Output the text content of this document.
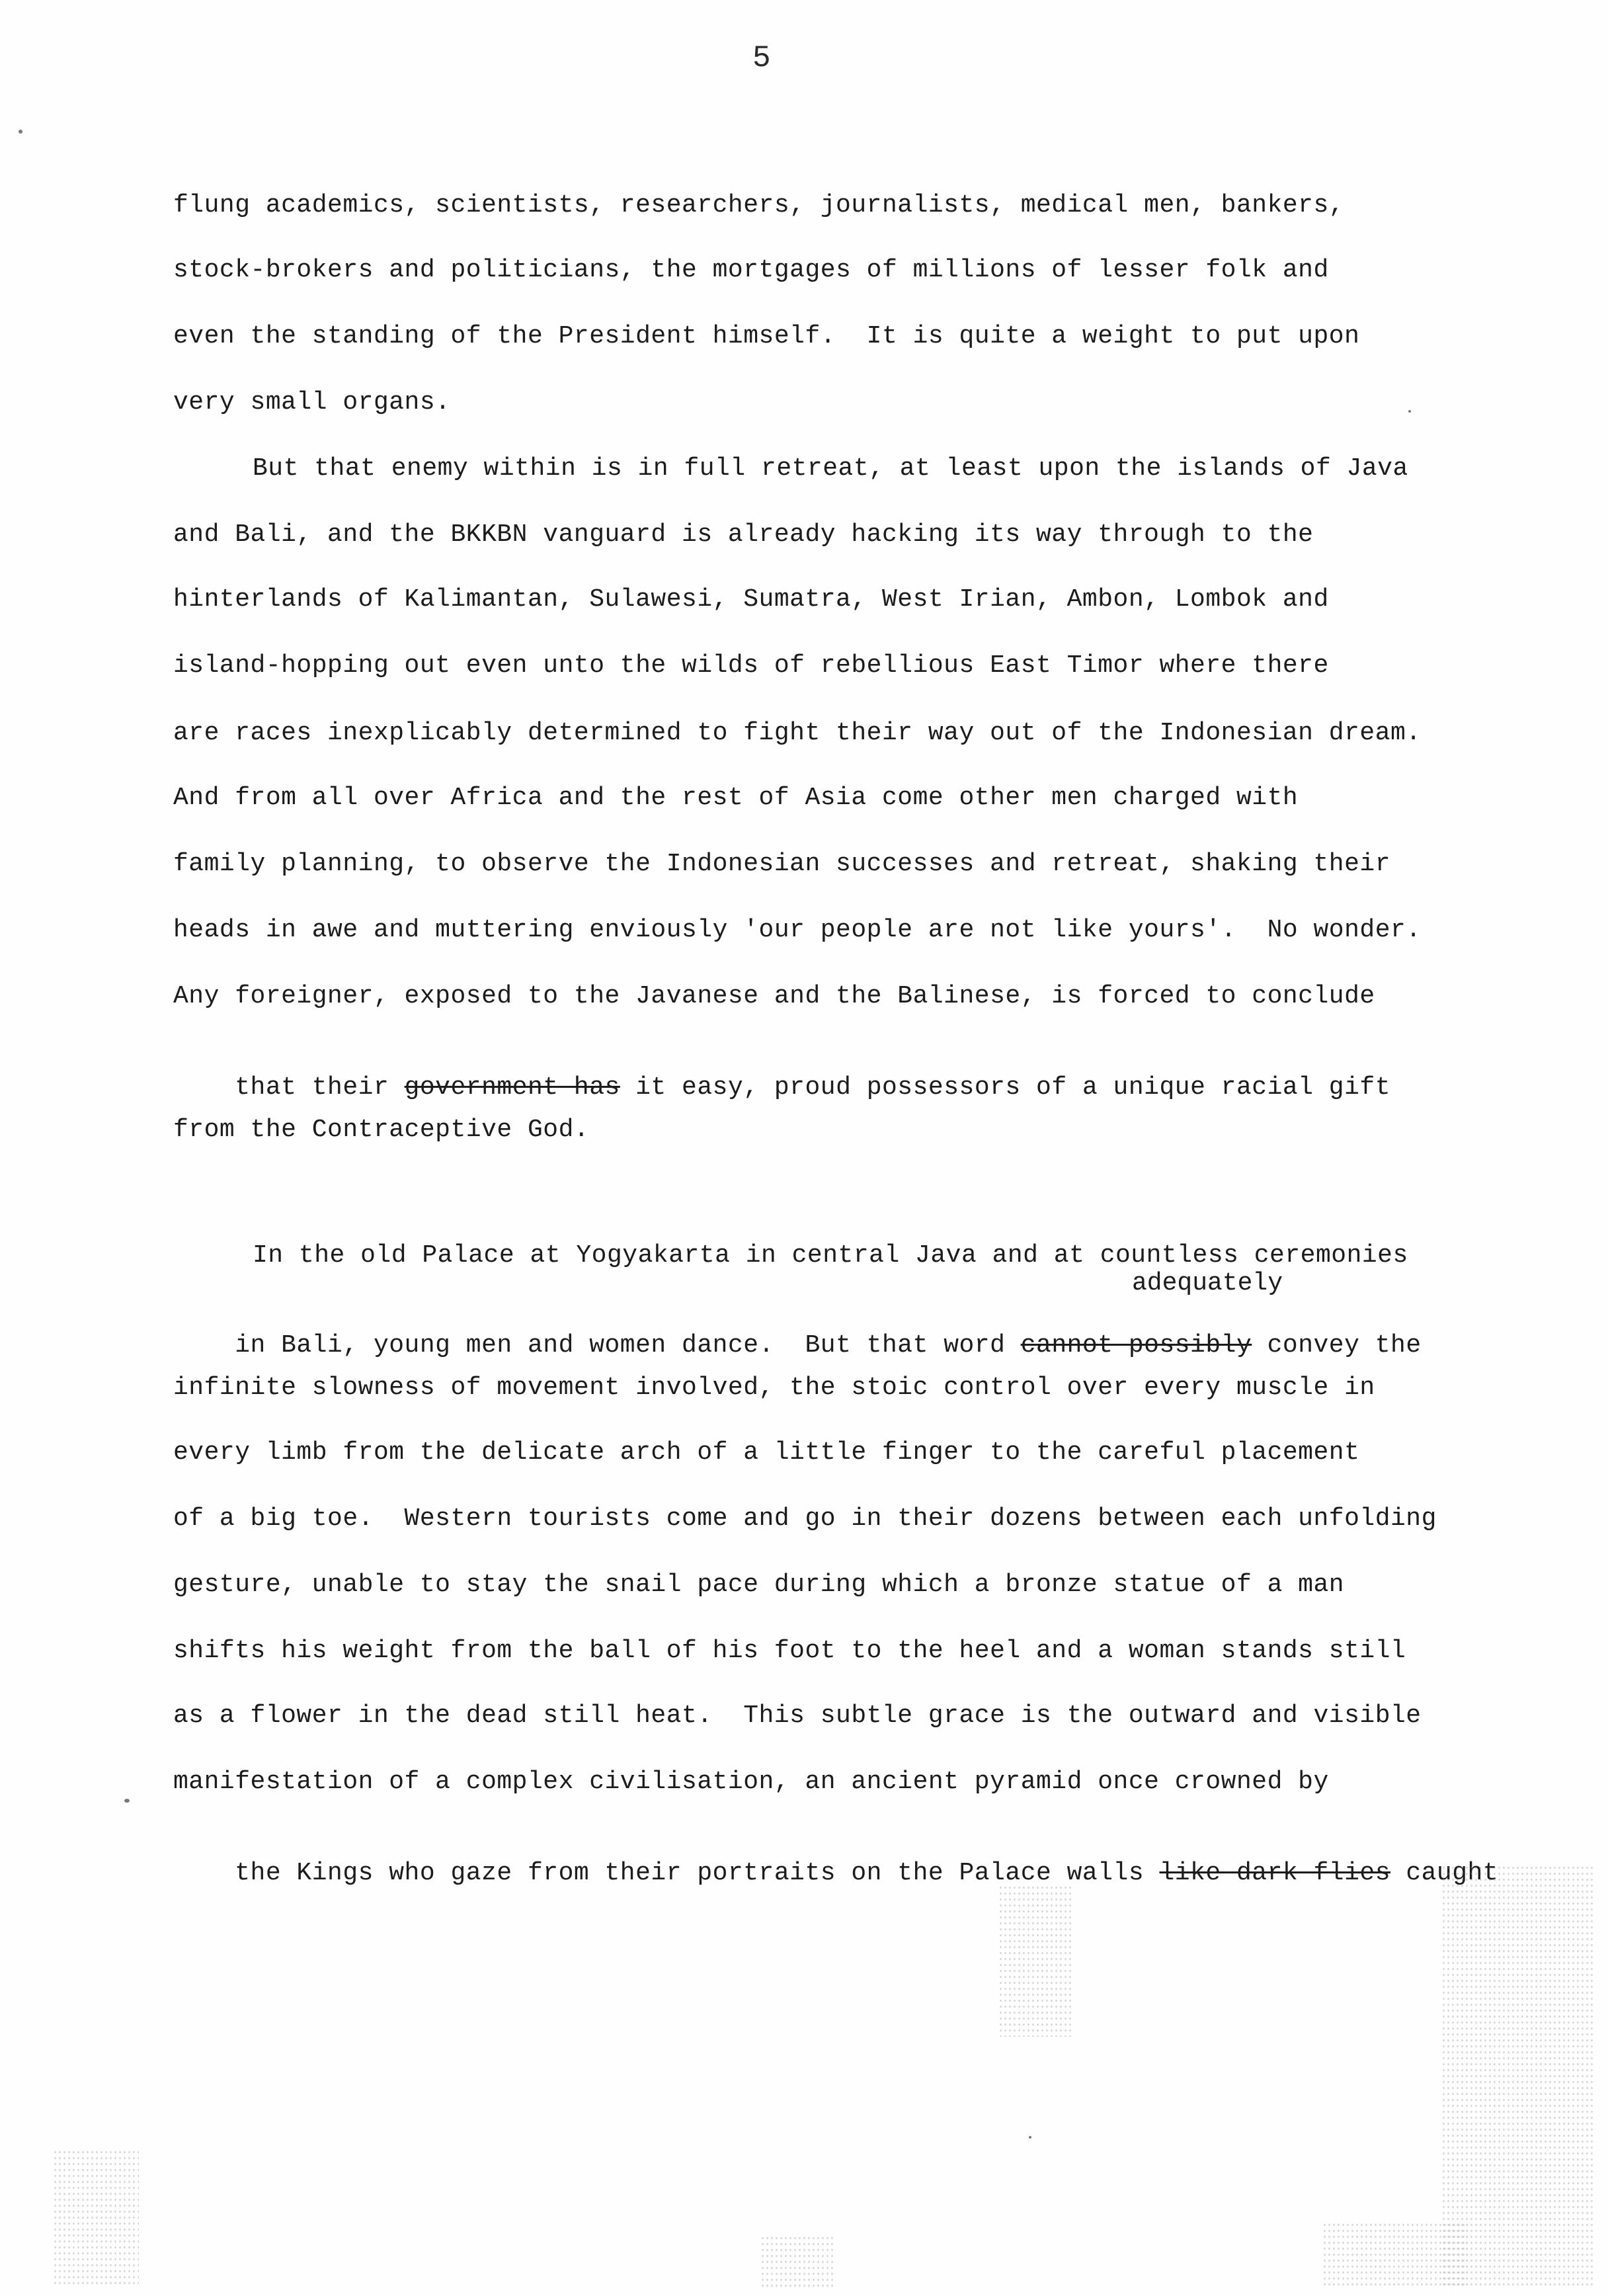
5
flung academics, scientists, researchers, journalists, medical men, bankers,
stock-brokers and politicians, the mortgages of millions of lesser folk and
even the standing of the President himself.  It is quite a weight to put upon
very small organs.
But that enemy within is in full retreat, at least upon the islands of Java
and Bali, and the BKKBN vanguard is already hacking its way through to the
hinterlands of Kalimantan, Sulawesi, Sumatra, West Irian, Ambon, Lombok and
island-hopping out even unto the wilds of rebellious East Timor where there
are races inexplicably determined to fight their way out of the Indonesian dream.
And from all over Africa and the rest of Asia come other men charged with
family planning, to observe the Indonesian successes and retreat, shaking their
heads in awe and muttering enviously 'our people are not like yours'.  No wonder.
Any foreigner, exposed to the Javanese and the Balinese, is forced to conclude

that their government has it easy, proud possessors of a unique racial gift

from the Contraceptive God.
In the old Palace at Yogyakarta in central Java and at countless ceremonies
adequately

in Bali, young men and women dance.  But that word cannot possibly convey the

infinite slowness of movement involved, the stoic control over every muscle in
every limb from the delicate arch of a little finger to the careful placement
of a big toe.  Western tourists come and go in their dozens between each unfolding
gesture, unable to stay the snail pace during which a bronze statue of a man
shifts his weight from the ball of his foot to the heel and a woman stands still
as a flower in the dead still heat.  This subtle grace is the outward and visible
manifestation of a complex civilisation, an ancient pyramid once crowned by

the Kings who gaze from their portraits on the Palace walls like dark flies caught
